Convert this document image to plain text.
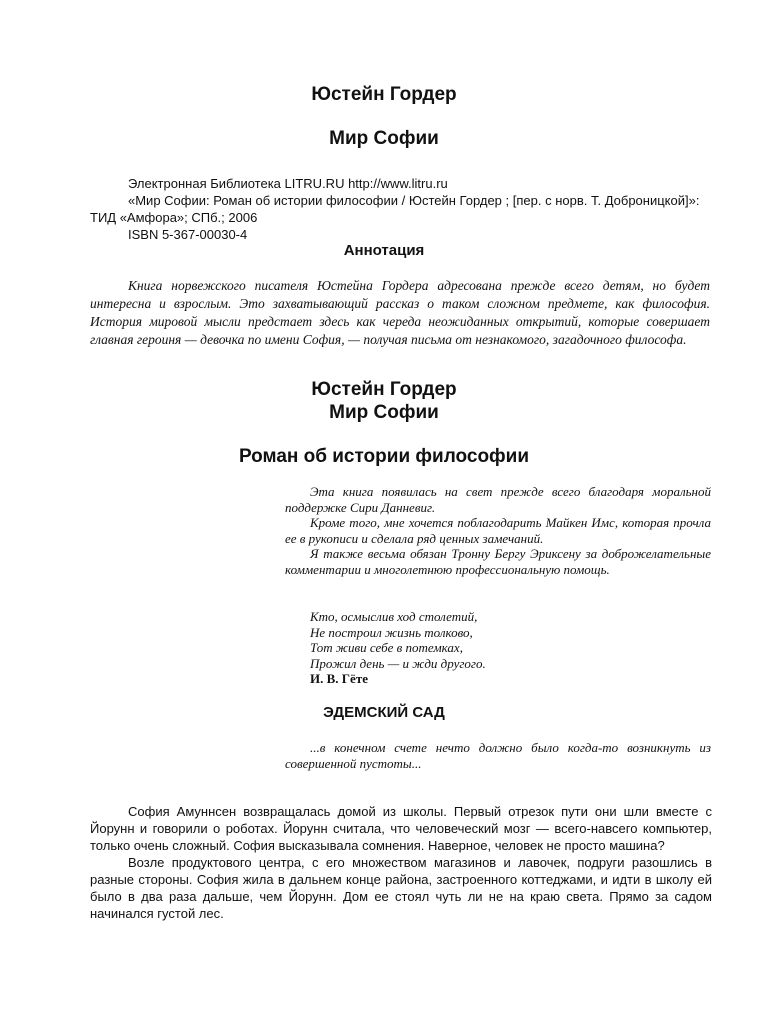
Юстейн Гордер
Мир Софии

Электронная Библиотека LITRU.RU http://www.litru.ru

«Мир Софии: Роман об истории философии / Юстейн Гордер ; [пер. с норв. Т. Доброницкой]»: ТИД «Амфора»; СПб.; 2006

ISBN 5-367-00030-4

Аннотация

Книга норвежского писателя Юстейна Гордера адресована прежде всего детям, но будет интересна и взрослым. Это захватывающий рассказ о таком сложном предмете, как философия. История мировой мысли предстает здесь как череда неожиданных открытий, которые совершает главная героиня — девочка по имени София, — получая письма от незнакомого, загадочного философа.

Юстейн Гордер
Мир Софии
Роман об истории философии

Эта книга появилась на свет прежде всего благодаря моральной поддержке Сири Данневиг.

Кроме того, мне хочется поблагодарить Майкен Имс, которая прочла ее в рукописи и сделала ряд ценных замечаний.

Я также весьма обязан Тронну Бергу Эриксену за доброжелательные комментарии и многолетнюю профессиональную помощь.

Кто, осмыслив ход столетий,
Не построил жизнь толково,
Тот живи себе в потемках,
Прожил день — и жди другого.
И. В. Гёте
ЭДЕМСКИЙ САД

...в конечном счете нечто должно было когда-то возникнуть из совершенной пустоты...

София Амуннсен возвращалась домой из школы. Первый отрезок пути они шли вместе с Йорунн и говорили о роботах. Йорунн считала, что человеческий мозг — всего-навсего компьютер, только очень сложный. София высказывала сомнения. Наверное, человек не просто машина?

Возле продуктового центра, с его множеством магазинов и лавочек, подруги разошлись в разные стороны. София жила в дальнем конце района, застроенного коттеджами, и идти в школу ей было в два раза дальше, чем Йорунн. Дом ее стоял чуть ли не на краю света. Прямо за садом начинался густой лес.
